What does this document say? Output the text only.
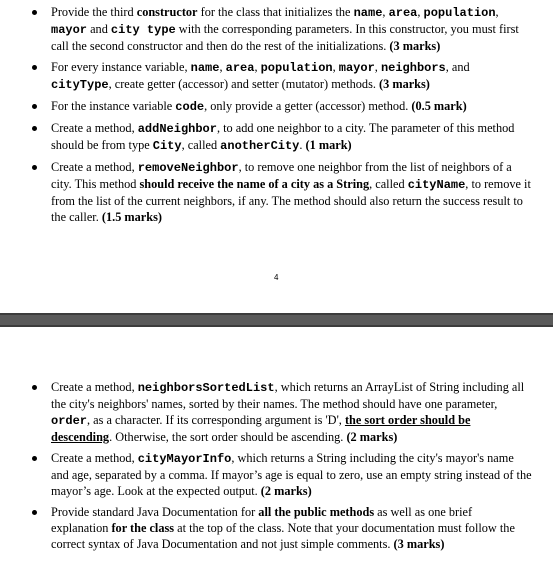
Provide the third constructor for the class that initializes the name, area, population, mayor and city type with the corresponding parameters. In this constructor, you must first call the second constructor and then do the rest of the initializations. (3 marks)
For every instance variable, name, area, population, mayor, neighbors, and cityType, create getter (accessor) and setter (mutator) methods. (3 marks)
For the instance variable code, only provide a getter (accessor) method. (0.5 mark)
Create a method, addNeighbor, to add one neighbor to a city. The parameter of this method should be from type City, called anotherCity. (1 mark)
Create a method, removeNeighbor, to remove one neighbor from the list of neighbors of a city. This method should receive the name of a city as a String, called cityName, to remove it from the list of the current neighbors, if any. The method should also return the success result to the caller. (1.5 marks)
4
Create a method, neighborsSortedList, which returns an ArrayList of String including all the city's neighbors' names, sorted by their names. The method should have one parameter, order, as a character. If its corresponding argument is 'D', the sort order should be descending. Otherwise, the sort order should be ascending. (2 marks)
Create a method, cityMayorInfo, which returns a String including the city's mayor's name and age, separated by a comma. If mayor’s age is equal to zero, use an empty string instead of the mayor’s age. Look at the expected output. (2 marks)
Provide standard Java Documentation for all the public methods as well as one brief explanation for the class at the top of the class. Note that your documentation must follow the correct syntax of Java Documentation and not just simple comments. (3 marks)
